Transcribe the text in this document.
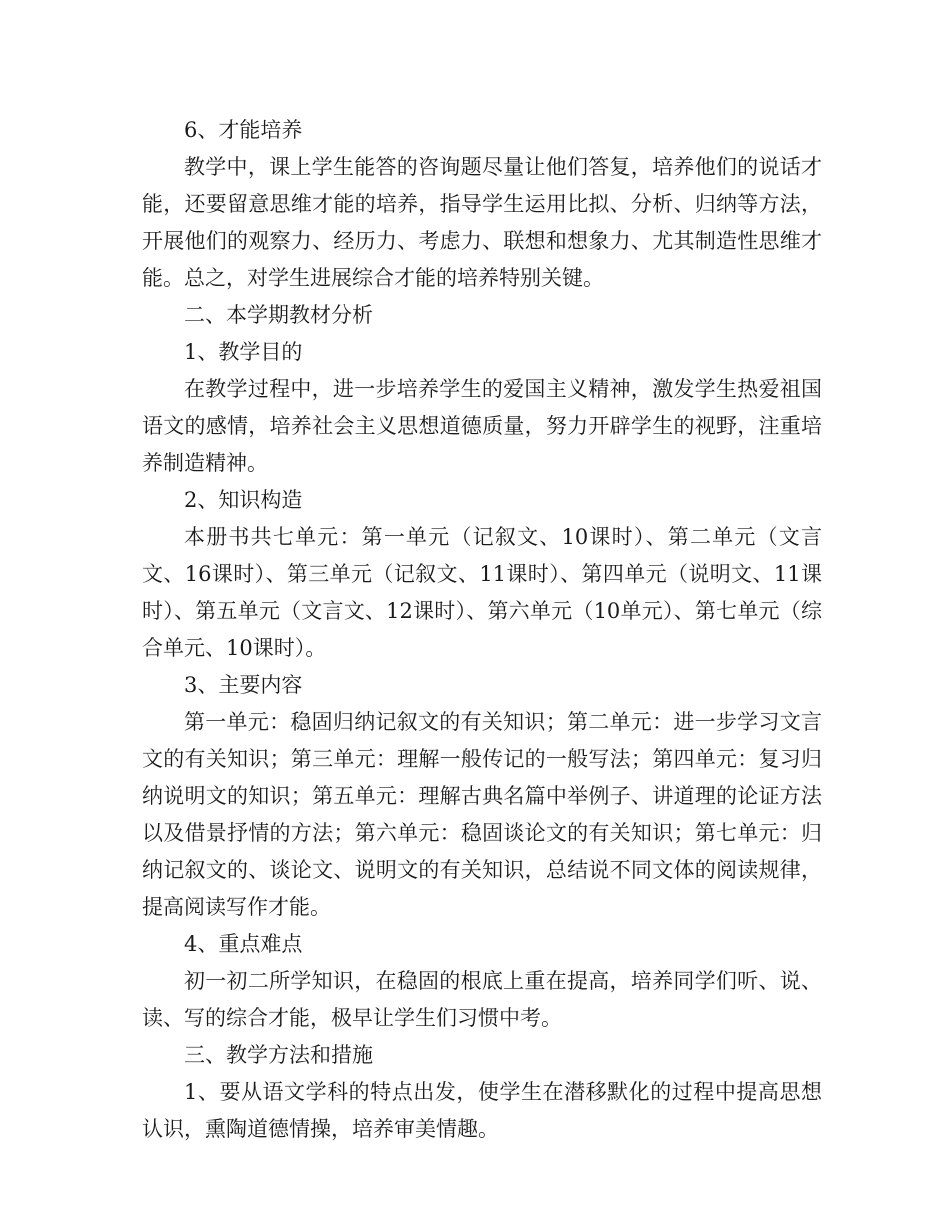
6、才能培养

教学中，课上学生能答的咨询题尽量让他们答复，培养他们的说话才能，还要留意思维才能的培养，指导学生运用比拟、分析、归纳等方法，开展他们的观察力、经历力、考虑力、联想和想象力、尤其制造性思维才能。总之，对学生进展综合才能的培养特别关键。

二、本学期教材分析

1、教学目的

在教学过程中，进一步培养学生的爱国主义精神，激发学生热爱祖国语文的感情，培养社会主义思想道德质量，努力开辟学生的视野，注重培养制造精神。

2、知识构造

本册书共七单元：第一单元（记叙文、10课时）、第二单元（文言文、16课时）、第三单元（记叙文、11课时）、第四单元（说明文、11课时）、第五单元（文言文、12课时）、第六单元（10单元）、第七单元（综合单元、10课时）。

3、主要内容

第一单元：稳固归纳记叙文的有关知识；第二单元：进一步学习文言文的有关知识；第三单元：理解一般传记的一般写法；第四单元：复习归纳说明文的知识；第五单元：理解古典名篇中举例子、讲道理的论证方法以及借景抒情的方法；第六单元：稳固谈论文的有关知识；第七单元：归纳记叙文的、谈论文、说明文的有关知识，总结说不同文体的阅读规律，提高阅读写作才能。

4、重点难点

初一初二所学知识，在稳固的根底上重在提高，培养同学们听、说、读、写的综合才能，极早让学生们习惯中考。

三、教学方法和措施

1、要从语文学科的特点出发，使学生在潜移默化的过程中提高思想认识，熏陶道德情操，培养审美情趣。
